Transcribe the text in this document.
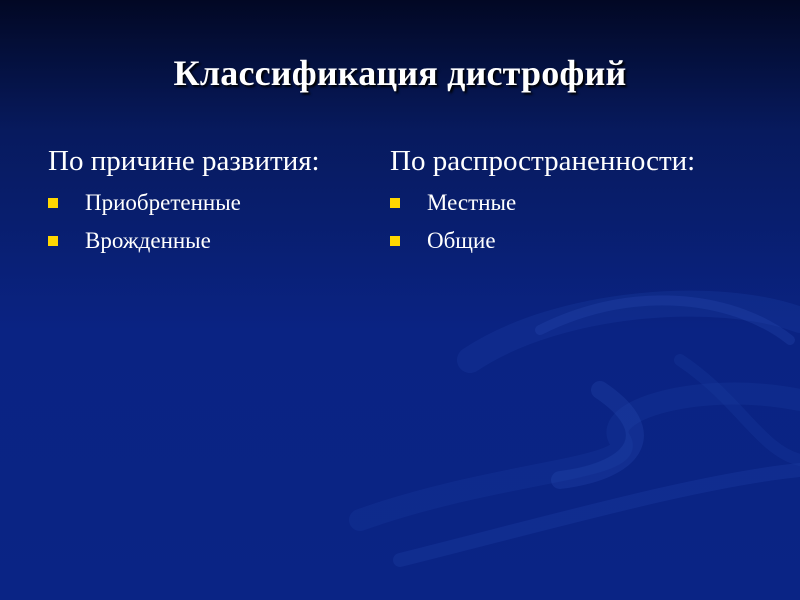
Классификация дистрофий
По причине развития:
Приобретенные
Врожденные
По распространенности:
Местные
Общие
